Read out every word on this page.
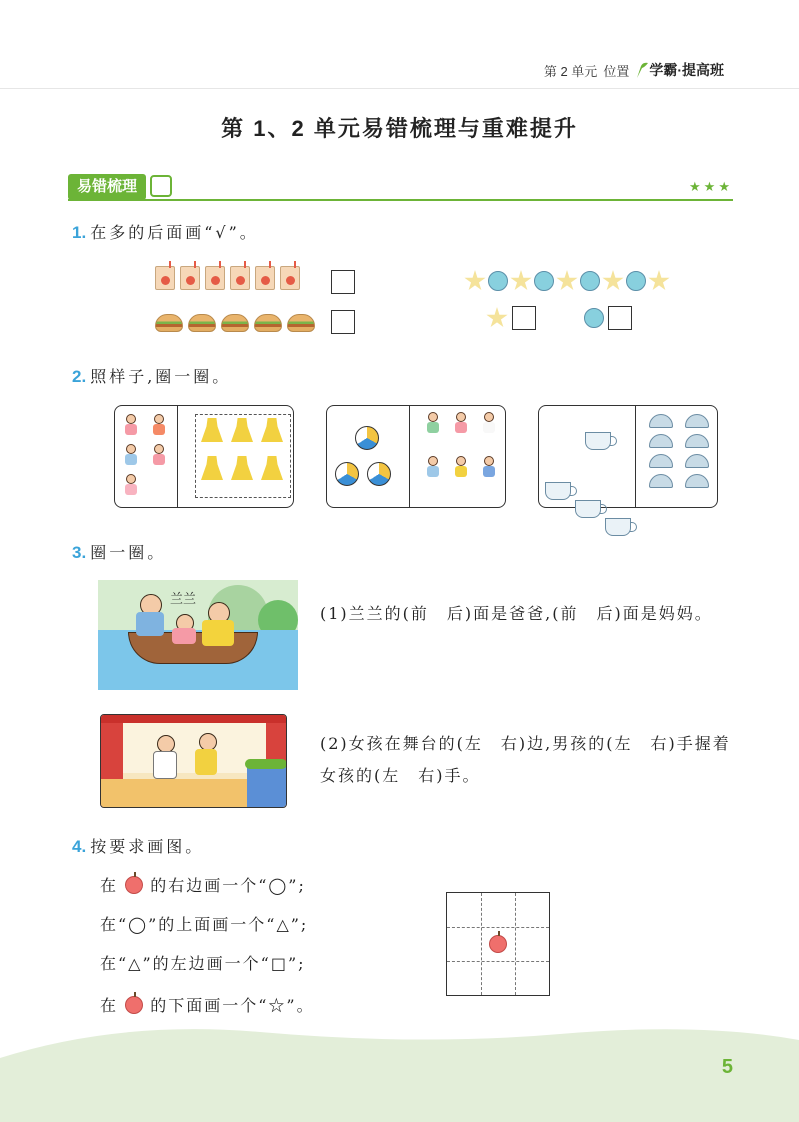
第 2 单元 位置 学霸·提高班
第 1、2 单元易错梳理与重难提升
易错梳理	★★★
1. 在多的后面画“√”。
2. 照样子,圈一圈。
3. 圈一圈。
兰兰
(1)兰兰的(前　后)面是爸爸,(前　后)面是妈妈。
(2)女孩在舞台的(左　右)边,男孩的(左　右)手握着女孩的(左　右)手。
4. 按要求画图。
在 的右边画一个“◯”;
在“◯”的上面画一个“△”;
在“△”的左边画一个“□”;
在 的下面画一个“☆”。
5
